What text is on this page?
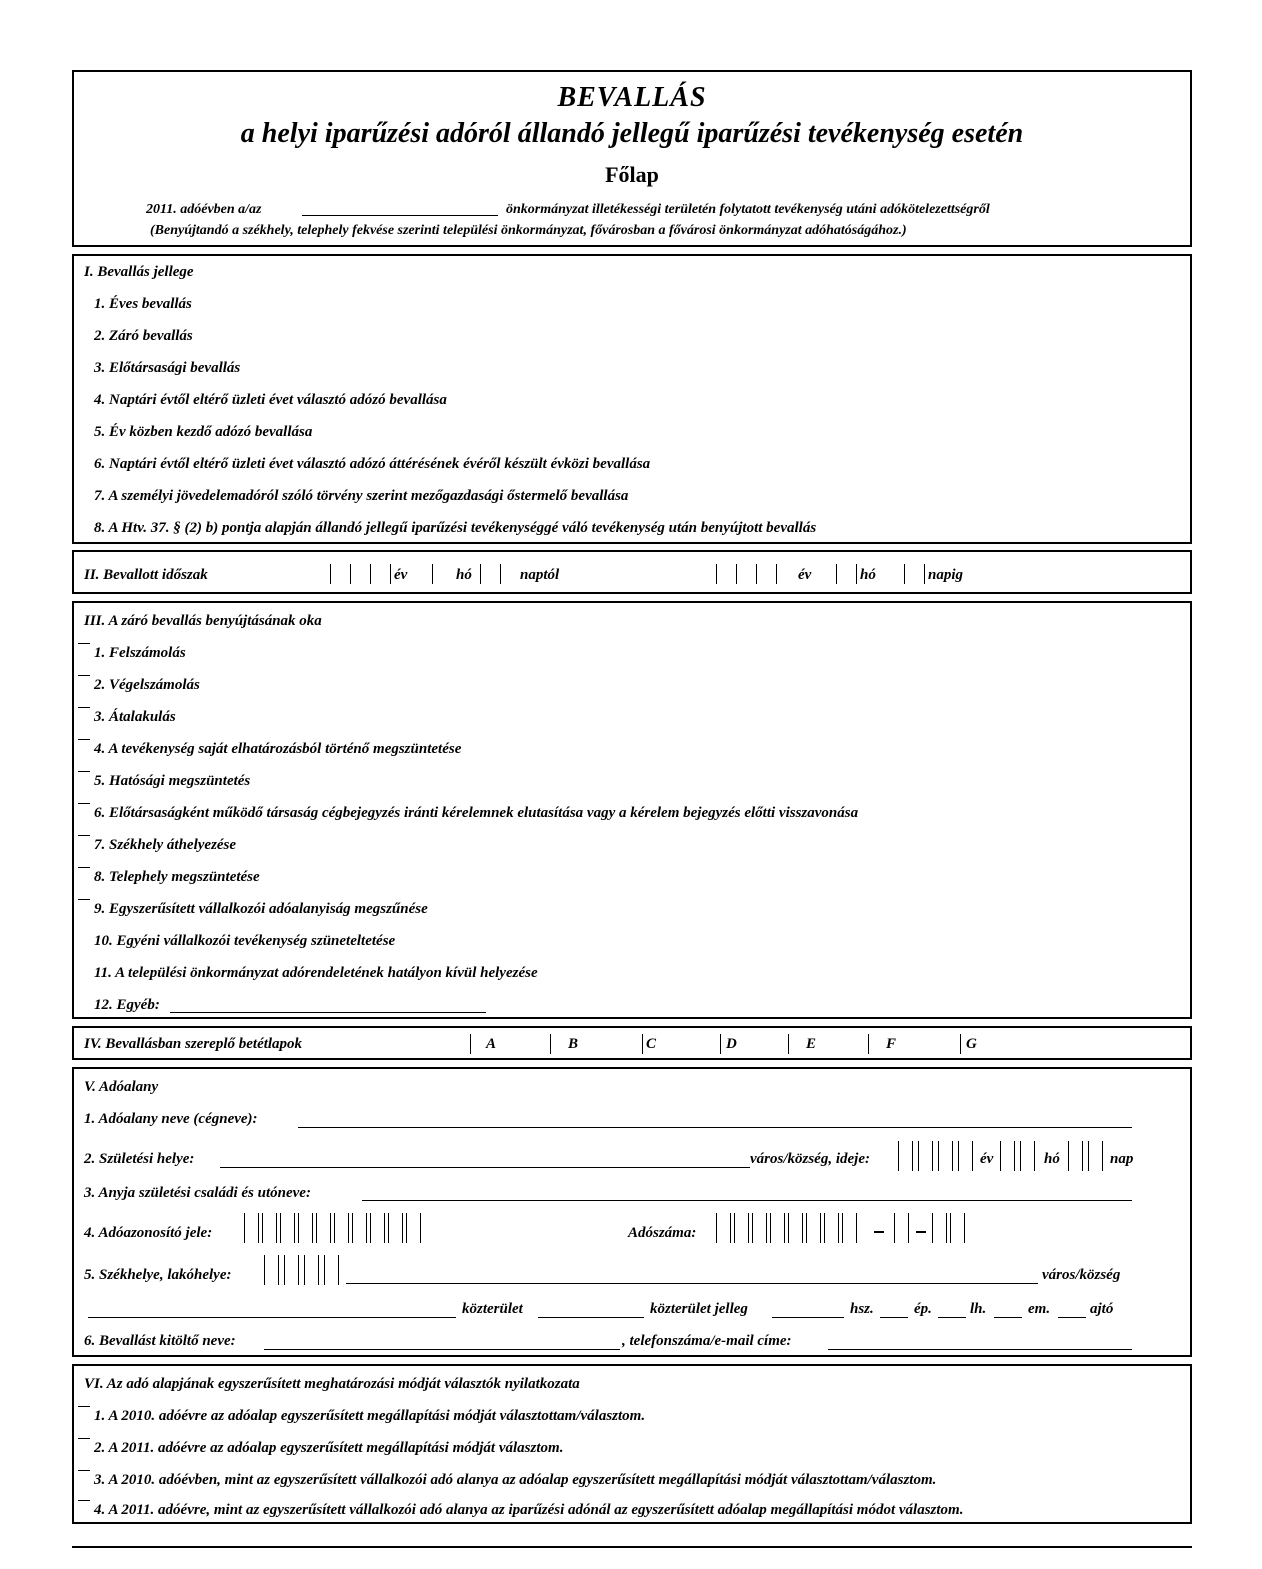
BEVALLÁS
a helyi iparűzési adóról állandó jellegű iparűzési tevékenység esetén
Főlap
2011. adóévben a/az	önkormányzat illetékességi területén folytatott tevékenység utáni adókötelezettségről
(Benyújtandó a székhely, telephely fekvése szerinti települési önkormányzat, fővárosban a fővárosi önkormányzat adóhatóságához.)
I. Bevallás jellege
1. Éves bevallás
2. Záró bevallás
3. Előtársasági bevallás
4. Naptári évtől eltérő üzleti évet választó adózó bevallása
5. Év közben kezdő adózó bevallása
6. Naptári évtől eltérő üzleti évet választó adózó áttérésének évéről készült évközi bevallása
7. A személyi jövedelemadóról szóló törvény szerint mezőgazdasági őstermelő bevallása
8. A Htv. 37. § (2) b) pontja alapján állandó jellegű iparűzési tevékenységgé váló tevékenység után benyújtott bevallás
II. Bevallott időszak	év	hó	naptól	év	hó	napig
III. A záró bevallás benyújtásának oka
1. Felszámolás
2. Végelszámolás
3. Átalakulás
4. A tevékenység saját elhatározásból történő megszüntetése
5. Hatósági megszüntetés
6. Előtársaságként működő társaság cégbejegyzés iránti kérelemnek elutasítása vagy a kérelem bejegyzés előtti visszavonása
7. Székhely áthelyezése
8. Telephely megszüntetése
9. Egyszerűsített vállalkozói adóalanyiság megszűnése
10. Egyéni vállalkozói tevékenység szüneteltetése
11. A települési önkormányzat adórendeletének hatályon kívül helyezése
12. Egyéb:
IV. Bevallásban szereplő betétlapok	A	B	C	D	E	F	G
V. Adóalany
1. Adóalany neve (cégneve):
2. Születési helye:	város/község, ideje:	év	hó	nap
3. Anyja születési családi és utóneve:
4. Adóazonosító jele:	Adószáma:
5. Székhelye, lakóhelye:	város/község
közterület	közterület jelleg	hsz.	ép.	lh.	em.	ajtó
6. Bevallást kitöltő neve:	, telefonszáma/e-mail címe:
VI. Az adó alapjának egyszerűsített meghatározási módját választók nyilatkozata
1. A 2010. adóévre az adóalap egyszerűsített megállapítási módját választottam/választom.
2. A 2011. adóévre az adóalap egyszerűsített megállapítási módját választom.
3. A 2010. adóévben, mint az egyszerűsített vállalkozói adó alanya az adóalap egyszerűsített megállapítási módját választottam/választom.
4. A 2011. adóévre, mint az egyszerűsített vállalkozói adó alanya az iparűzési adónál az egyszerűsített adóalap megállapítási módot választom.
